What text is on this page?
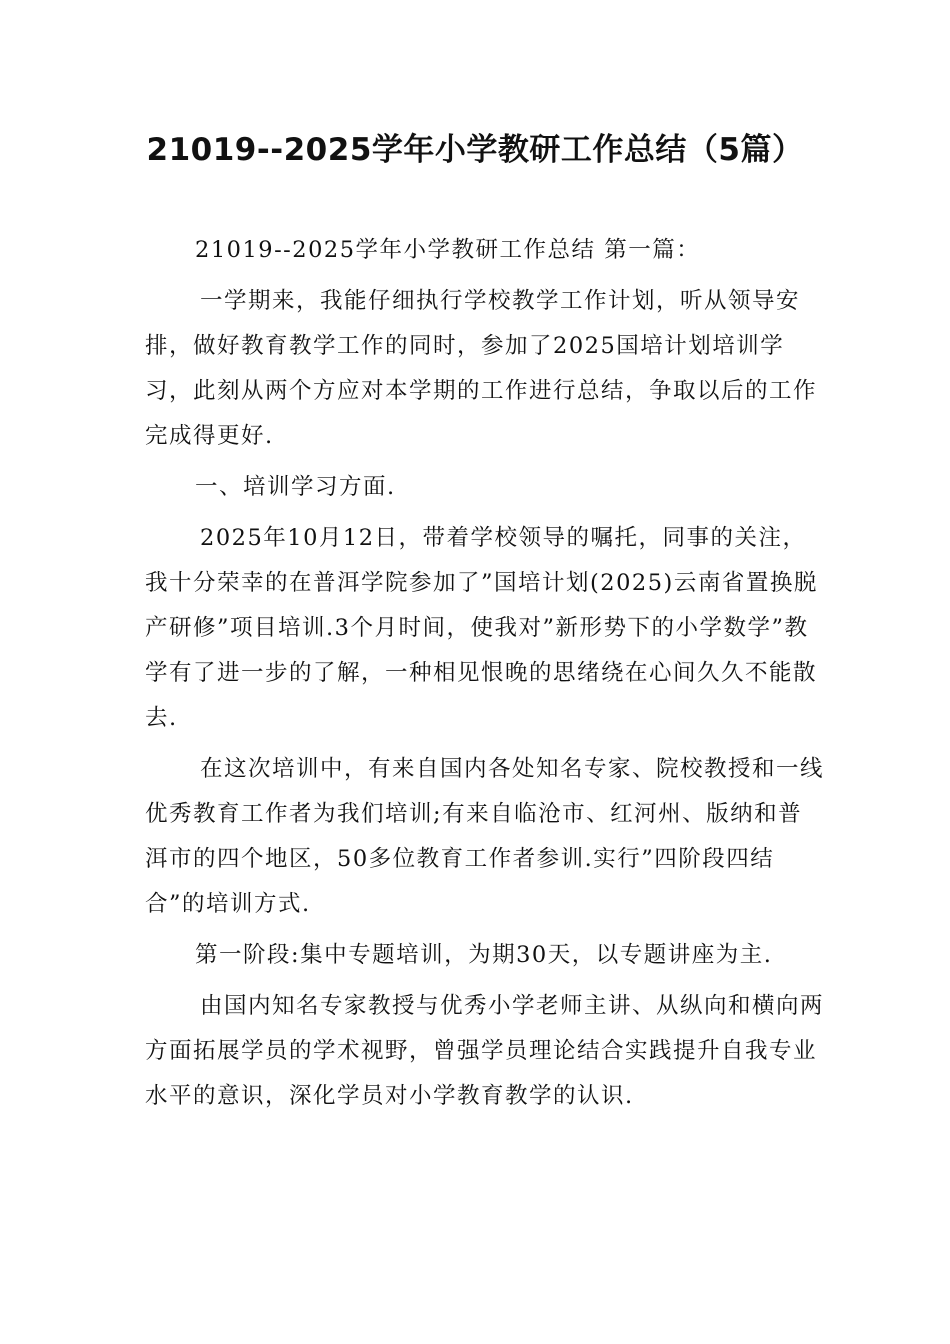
21019--2025学年小学教研工作总结（5篇）

21019--2025学年小学教研工作总结 第一篇：

一学期来，我能仔细执行学校教学工作计划，听从领导安排，做好教育教学工作的同时，参加了2025国培计划培训学习，此刻从两个方应对本学期的工作进行总结，争取以后的工作完成得更好.

一、培训学习方面.

2025年10月12日，带着学校领导的嘱托，同事的关注，我十分荣幸的在普洱学院参加了”国培计划(2025)云南省置换脱产研修”项目培训.3个月时间，使我对”新形势下的小学数学”教学有了进一步的了解，一种相见恨晚的思绪绕在心间久久不能散去.

在这次培训中，有来自国内各处知名专家、院校教授和一线优秀教育工作者为我们培训;有来自临沧市、红河州、版纳和普洱市的四个地区，50多位教育工作者参训.实行”四阶段四结合”的培训方式.

第一阶段:集中专题培训，为期30天，以专题讲座为主.

由国内知名专家教授与优秀小学老师主讲、从纵向和横向两方面拓展学员的学术视野，曾强学员理论结合实践提升自我专业水平的意识，深化学员对小学教育教学的认识.
